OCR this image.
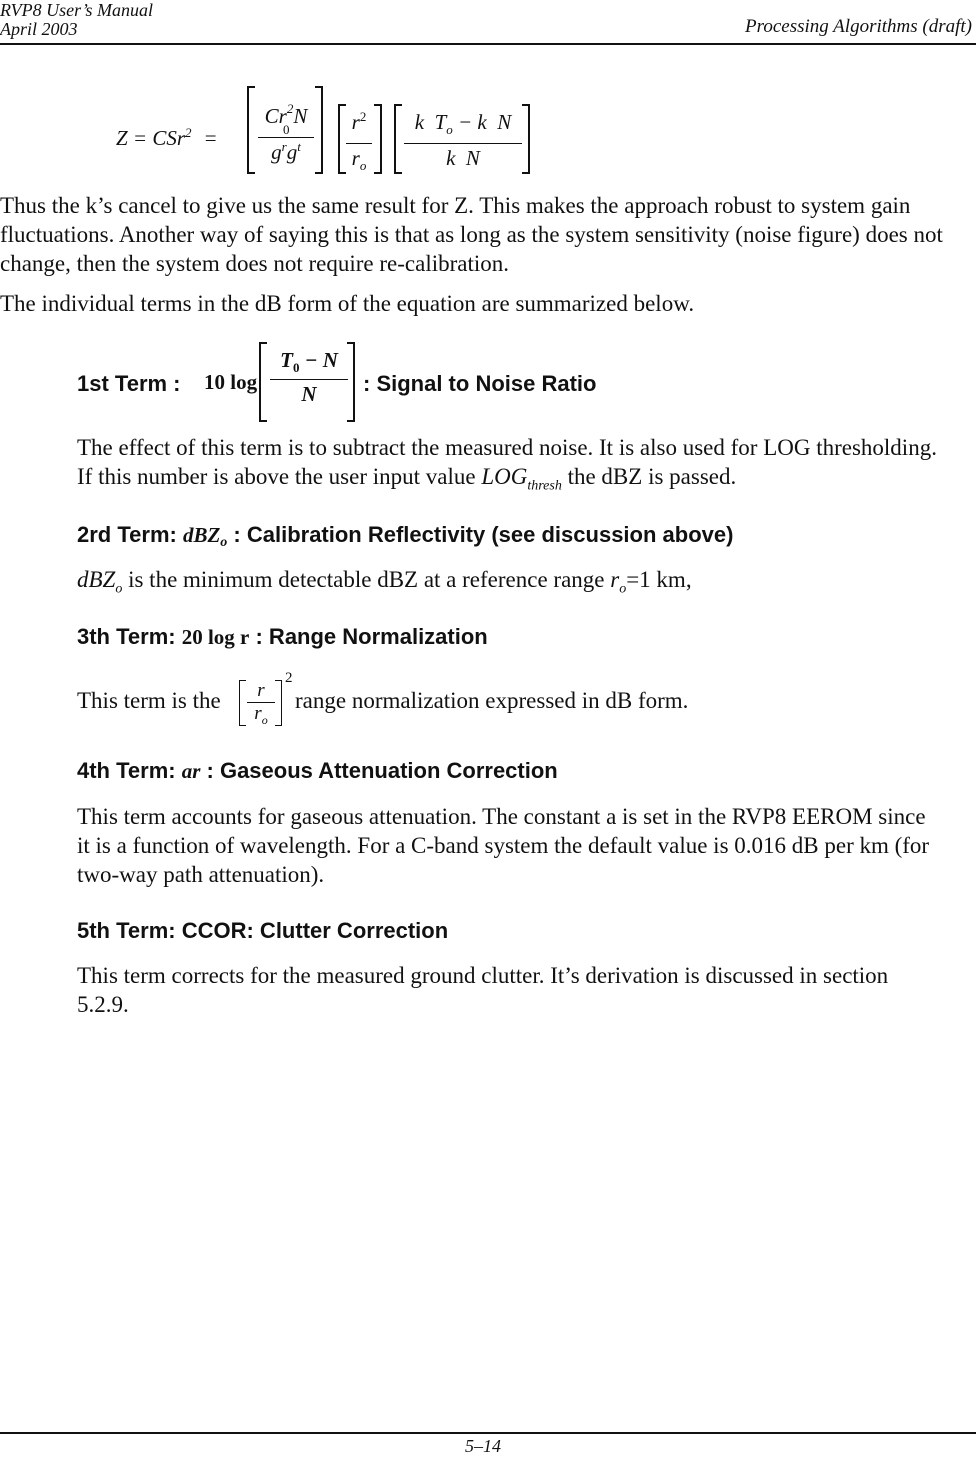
RVP8 User’s Manual
April 2003	Processing Algorithms (draft)
Z = CSr$^2$ =
$Cr^2N$
$g^rg^t$
0	$\frac{r^2}{r_o} \frac{k T_o - k N}{\text{k  N}}$
Thus the k’s cancel to give us the same result for Z. This makes the approach robust to system gain fluctuations. Another way of saying this is that as long as the system sensitivity (noise figure) does not change, then the system does not require re-calibration.
The individual terms in the dB form of the equation are summarized below.
1st Term : 10 $\log \frac{T_0 - N}{N}$ : Signal to Noise Ratio
The effect of this term is to subtract the measured noise. It is also used for LOG thresholding.
If this number is above the user input value $LOG_{thresh}$ the dBZ is passed.
2rd Term: dBZ$_o$ : Calibration Reflectivity (see discussion above)
dBZ$_o$ is the minimum detectable dBZ at a reference range $r_o=1$ km,
3th Term: 20 log r : Range Normalization
This term is the $\frac{r}{r_o}$
2
range normalization expressed in dB form.
4th Term: ar : Gaseous Attenuation Correction
This term accounts for gaseous attenuation. The constant a is set in the RVP8 EEROM since
it is a function of wavelength. For a C-band system the default value is 0.016 dB per km (for
two-way path attenuation).
5th Term: CCOR: Clutter Correction
This term corrects for the measured ground clutter. It’s derivation is discussed in section
5.2.9.
5–14
